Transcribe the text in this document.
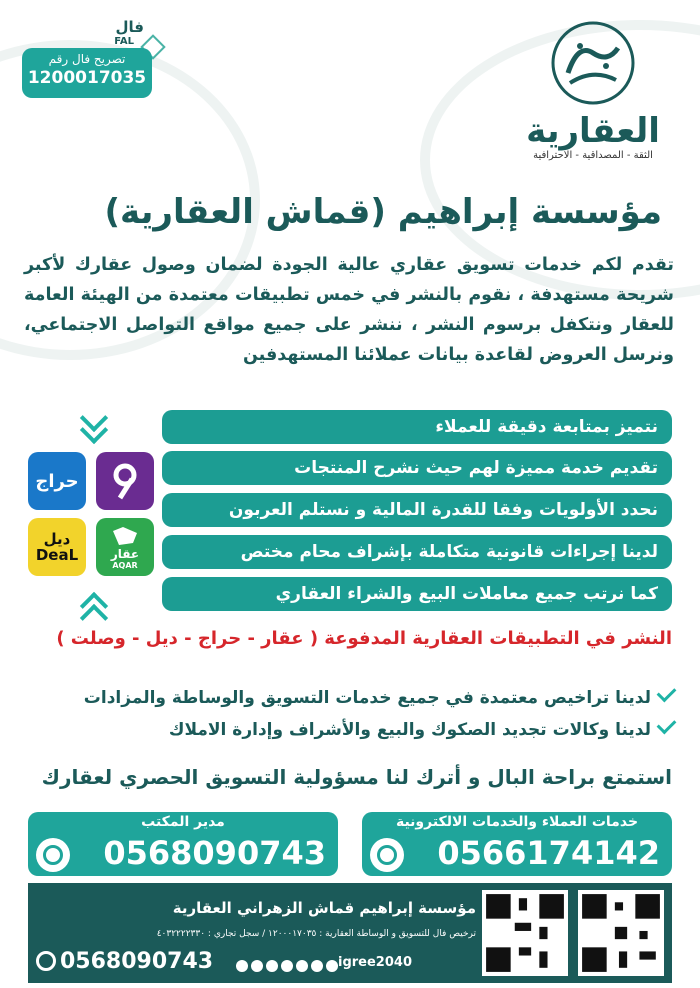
العقارية
الثقة - المصداقية - الاحترافية
فال
FAL
تصريح فال رقم
1200017035
مؤسسة إبراهيم (قماش العقارية)
تقدم لكم خدمات تسويق عقاري عالية الجودة لضمان وصول عقارك لأكبر شريحة مستهدفة ، نقوم بالنشر في خمس تطبيقات معتمدة من الهيئة العامة للعقار ونتكفل برسوم النشر ، ننشر على جميع مواقع التواصل الاجتماعي، ونرسل العروض لقاعدة بيانات عملائنا المستهدفين
نتميز بمتابعة دقيقة للعملاء
تقديم خدمة مميزة لهم حيث نشرح المنتجات
نحدد الأولويات وفقا للقدرة المالية و نستلم العربون
لدينا إجراءات قانونية متكاملة بإشراف محام مختص
كما نرتب جميع معاملات البيع والشراء العقاري
حراج
عقار
AQAR
ديل
DeaL
النشر في التطبيقات العقارية المدفوعة ( عقار - حراج - ديل - وصلت )
لدينا تراخيص معتمدة في جميع خدمات التسويق والوساطة والمزادات
لدينا وكالات تجديد الصكوك والبيع والأشراف وإدارة الاملاك
استمتع براحة البال و أترك لنا مسؤولية التسويق الحصري لعقارك
خدمات العملاء والخدمات الالكترونية
0566174142
مدير المكتب
0568090743
مؤسسة إبراهيم قماش الزهراني العقارية
ترخيص فال للتسويق و الوساطة العقارية : ١٢٠٠٠١٧٠٣٥ / سجل تجاري : ٤٠٣٢٢٢٢٣٣٠
0568090743	igree2040
